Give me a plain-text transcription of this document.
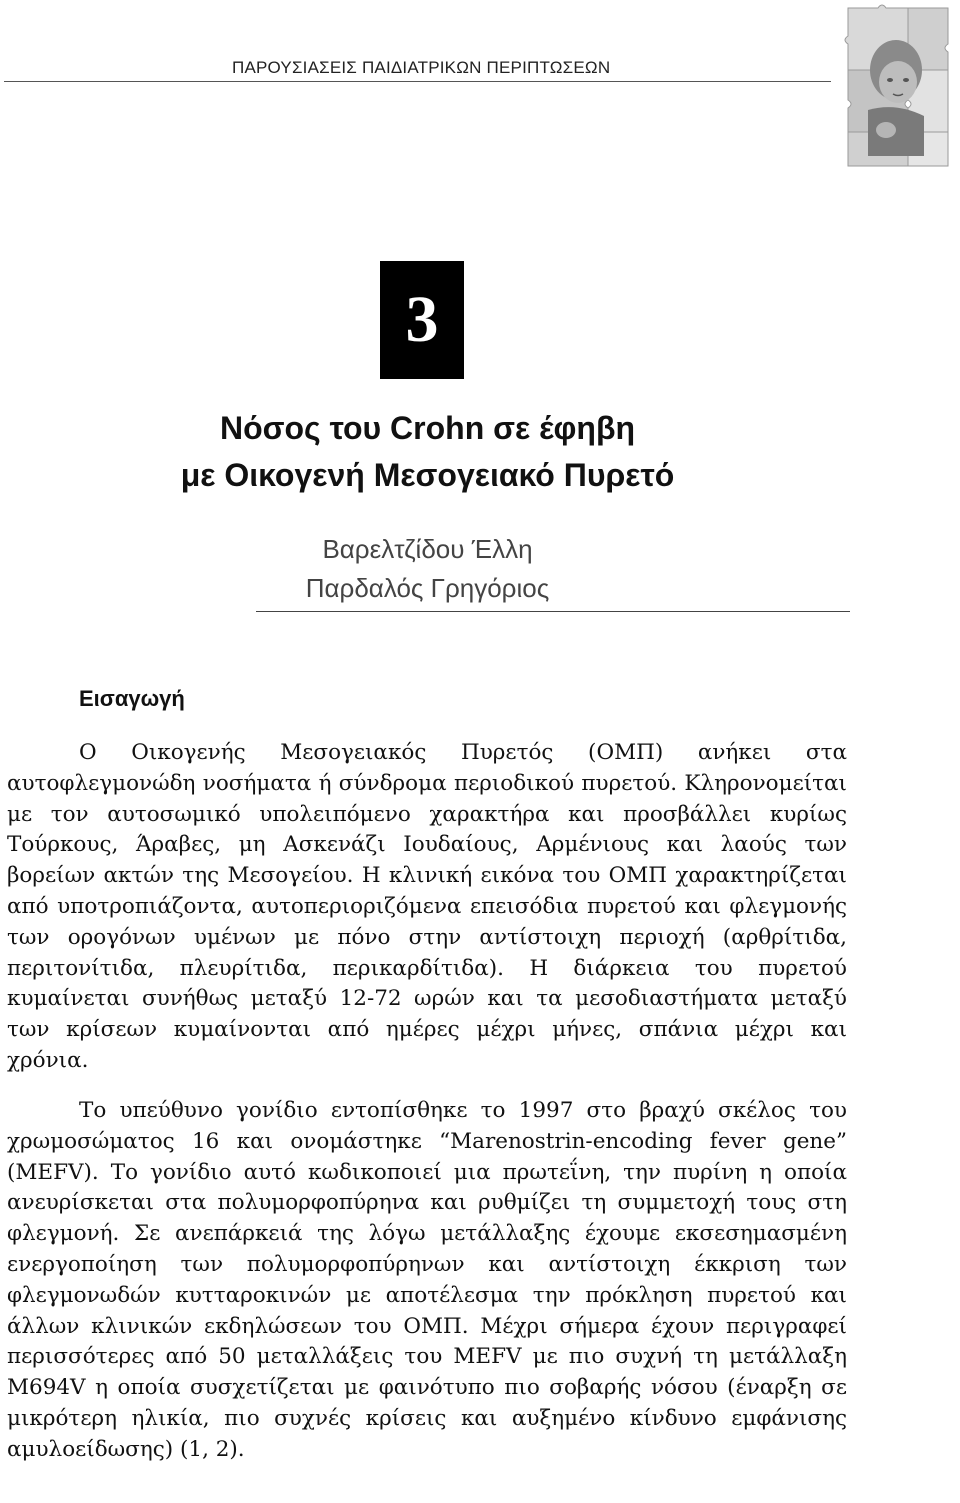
ΠΑΡΟΥΣΙΑΣΕΙΣ ΠΑΙΔΙΑΤΡΙΚΩΝ ΠΕΡΙΠΤΩΣΕΩΝ
3
Νόσος του Crohn σε έφηβη
με Οικογενή Μεσογειακό Πυρετό
Βαρελτζίδου Έλλη
Παρδαλός Γρηγόριος
Εισαγωγή

Ο Οικογενής Μεσογειακός Πυρετός (ΟΜΠ) ανήκει στα αυτοφλεγμονώδη νοσήματα ή σύνδρομα περιοδικού πυρετού. Κληρονομείται με τον αυτοσωμικό υπολειπόμενο χαρακτήρα και προσβάλλει κυρίως Τούρκους, Άραβες, μη Ασκενάζι Ιουδαίους, Αρμένιους και λαούς των βορείων ακτών της Μεσογείου. Η κλινική εικόνα του ΟΜΠ χαρακτηρίζεται από υποτροπιάζοντα, αυτοπεριοριζόμενα επεισόδια πυρετού και φλεγμονής των ορογόνων υμένων με πόνο στην αντίστοιχη περιοχή (αρθρίτιδα, περιτονίτιδα, πλευρίτιδα, περικαρδίτιδα). Η διάρκεια του πυρετού κυμαίνεται συνήθως μεταξύ 12-72 ωρών και τα μεσοδιαστήματα μεταξύ των κρίσεων κυμαίνονται από ημέρες μέχρι μήνες, σπάνια μέχρι και χρόνια.

Το υπεύθυνο γονίδιο εντοπίσθηκε το 1997 στο βραχύ σκέλος του χρωμοσώματος 16 και ονομάστηκε “Marenostrin-encoding fever gene” (MEFV). Το γονίδιο αυτό κωδικοποιεί μια πρωτεΐνη, την πυρίνη η οποία ανευρίσκεται στα πολυμορφοπύρηνα και ρυθμίζει τη συμμετοχή τους στη φλεγμονή. Σε ανεπάρκειά της λόγω μετάλλαξης έχουμε εκσεσημασμένη ενεργοποίηση των πολυμορφοπύρηνων και αντίστοιχη έκκριση των φλεγμονωδών κυτταροκινών με αποτέλεσμα την πρόκληση πυρετού και άλλων κλινικών εκδηλώσεων του ΟΜΠ. Μέχρι σήμερα έχουν περιγραφεί περισσότερες από 50 μεταλλάξεις του MEFV με πιο συχνή τη μετάλλαξη M694V η οποία συσχετίζεται με φαινότυπο πιο σοβαρής νόσου (έναρξη σε μικρότερη ηλικία, πιο συχνές κρίσεις και αυξημένο κίνδυνο εμφάνισης αμυλοείδωσης) (1, 2).
